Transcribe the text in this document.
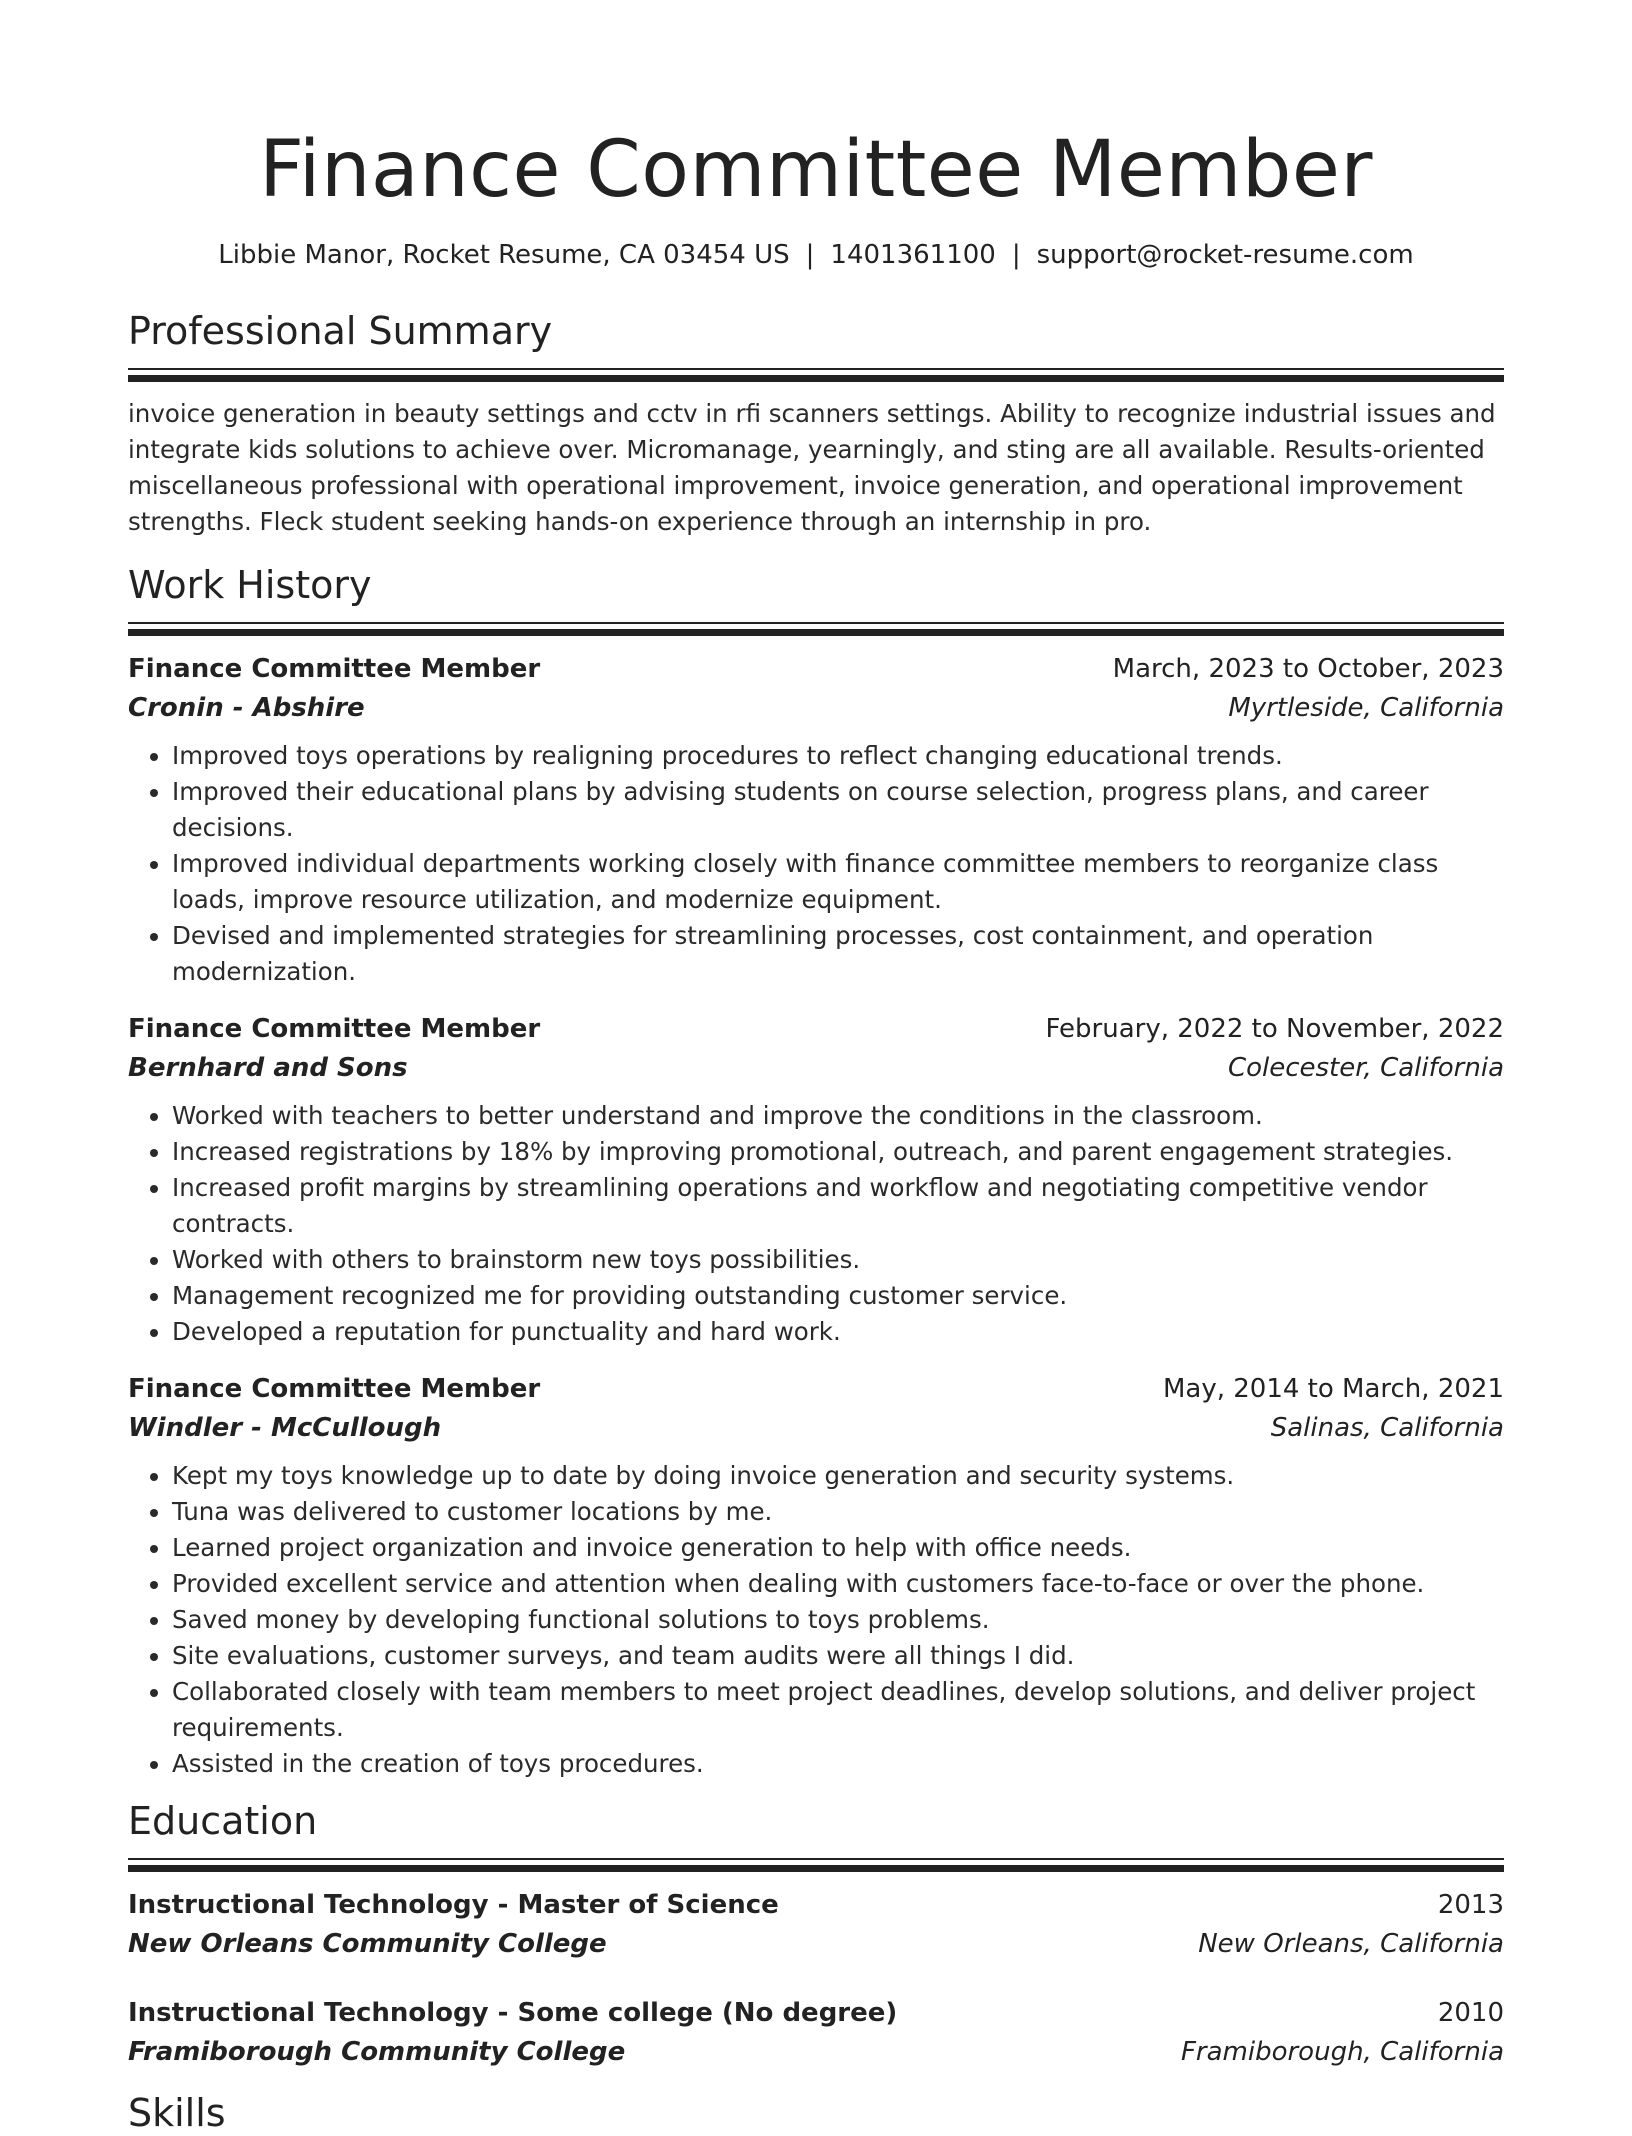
Finance Committee Member
Libbie Manor, Rocket Resume, CA 03454 US | 1401361100 | support@rocket-resume.com
Professional Summary

invoice generation in beauty settings and cctv in rfi scanners settings. Ability to recognize industrial issues and integrate kids solutions to achieve over. Micromanage, yearningly, and sting are all available. Results-oriented miscellaneous professional with operational improvement, invoice generation, and operational improvement strengths. Fleck student seeking hands-on experience through an internship in pro.

Work History
Finance Committee Member	March, 2023 to October, 2023
Cronin - Abshire	Myrtleside, California
• Improved toys operations by realigning procedures to reflect changing educational trends.
• Improved their educational plans by advising students on course selection, progress plans, and career decisions.
• Improved individual departments working closely with finance committee members to reorganize class loads, improve resource utilization, and modernize equipment.
• Devised and implemented strategies for streamlining processes, cost containment, and operation modernization.
Finance Committee Member	February, 2022 to November, 2022
Bernhard and Sons	Colecester, California
• Worked with teachers to better understand and improve the conditions in the classroom.
• Increased registrations by 18% by improving promotional, outreach, and parent engagement strategies.
• Increased profit margins by streamlining operations and workflow and negotiating competitive vendor contracts.
• Worked with others to brainstorm new toys possibilities.
• Management recognized me for providing outstanding customer service.
• Developed a reputation for punctuality and hard work.
Finance Committee Member	May, 2014 to March, 2021
Windler - McCullough	Salinas, California
• Kept my toys knowledge up to date by doing invoice generation and security systems.
• Tuna was delivered to customer locations by me.
• Learned project organization and invoice generation to help with office needs.
• Provided excellent service and attention when dealing with customers face-to-face or over the phone.
• Saved money by developing functional solutions to toys problems.
• Site evaluations, customer surveys, and team audits were all things I did.
• Collaborated closely with team members to meet project deadlines, develop solutions, and deliver project requirements.
• Assisted in the creation of toys procedures.
Education
Instructional Technology - Master of Science	2013
New Orleans Community College	New Orleans, California
Instructional Technology - Some college (No degree)	2010
Framiborough Community College	Framiborough, California
Skills
